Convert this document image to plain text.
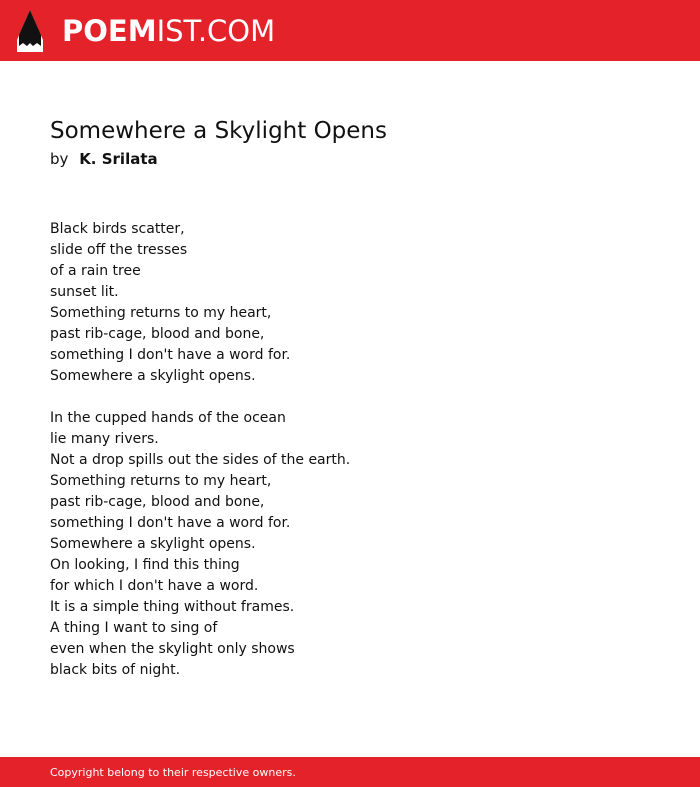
POEMIST.COM
Somewhere a Skylight Opens
by K. Srilata
Black birds scatter,
slide off the tresses
of a rain tree
sunset lit.
Something returns to my heart,
past rib-cage, blood and bone,
something I don't have a word for.
Somewhere a skylight opens.
In the cupped hands of the ocean
lie many rivers.
Not a drop spills out the sides of the earth.
Something returns to my heart,
past rib-cage, blood and bone,
something I don't have a word for.
Somewhere a skylight opens.
On looking, I find this thing
for which I don't have a word.
It is a simple thing without frames.
A thing I want to sing of
even when the skylight only shows
black bits of night.
Copyright belong to their respective owners.
